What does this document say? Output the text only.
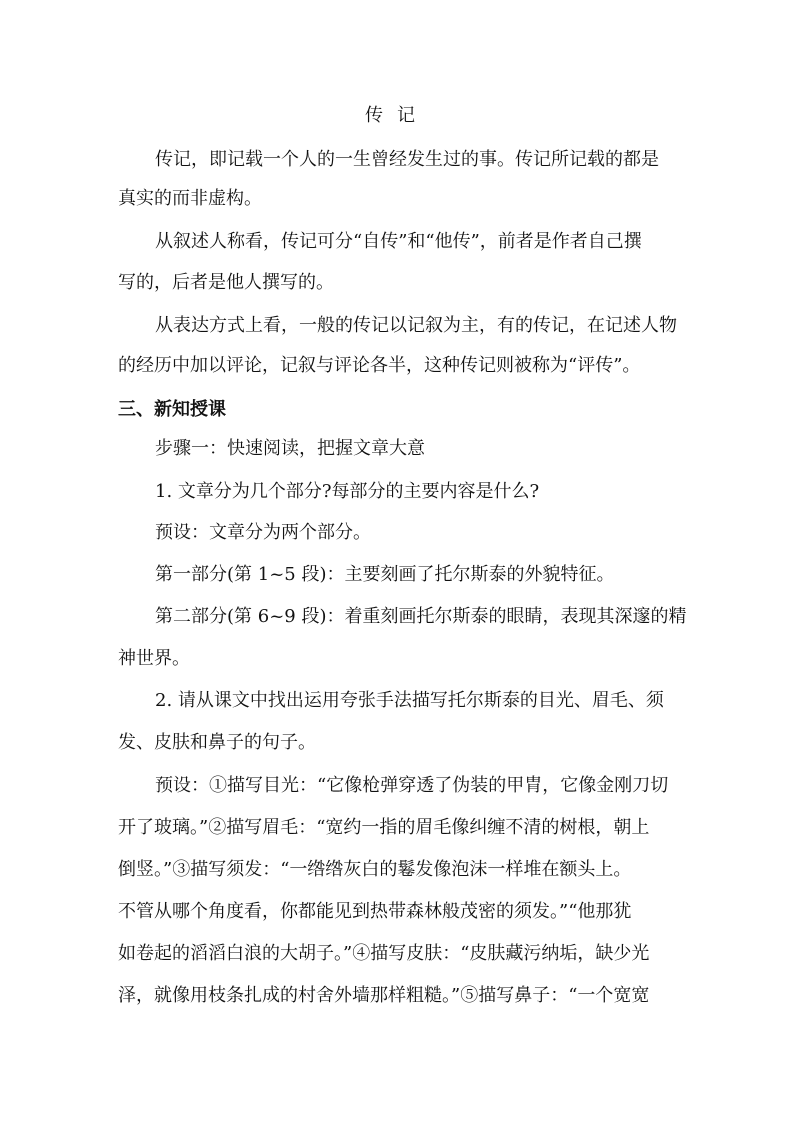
传记
传记，即记载一个人的一生曾经发生过的事。传记所记载的都是
真实的而非虚构。
从叙述人称看，传记可分“自传”和“他传”，前者是作者自己撰
写的，后者是他人撰写的。
从表达方式上看，一般的传记以记叙为主，有的传记，在记述人物
的经历中加以评论，记叙与评论各半，这种传记则被称为“评传”。
三、新知授课
步骤一：快速阅读，把握文章大意
1. 文章分为几个部分?每部分的主要内容是什么?
预设：文章分为两个部分。
第一部分(第 1~5 段)：主要刻画了托尔斯泰的外貌特征。
第二部分(第 6~9 段)：着重刻画托尔斯泰的眼睛，表现其深邃的精
神世界。
2. 请从课文中找出运用夸张手法描写托尔斯泰的目光、眉毛、须
发、皮肤和鼻子的句子。
预设：①描写目光：“它像枪弹穿透了伪装的甲胄，它像金刚刀切
开了玻璃。”②描写眉毛：“宽约一指的眉毛像纠缠不清的树根，朝上
倒竖。”③描写须发：“一绺绺灰白的鬈发像泡沫一样堆在额头上。
不管从哪个角度看，你都能见到热带森林般茂密的须发。”“他那犹
如卷起的滔滔白浪的大胡子。”④描写皮肤：“皮肤藏污纳垢，缺少光
泽，就像用枝条扎成的村舍外墙那样粗糙。”⑤描写鼻子：“一个宽宽
